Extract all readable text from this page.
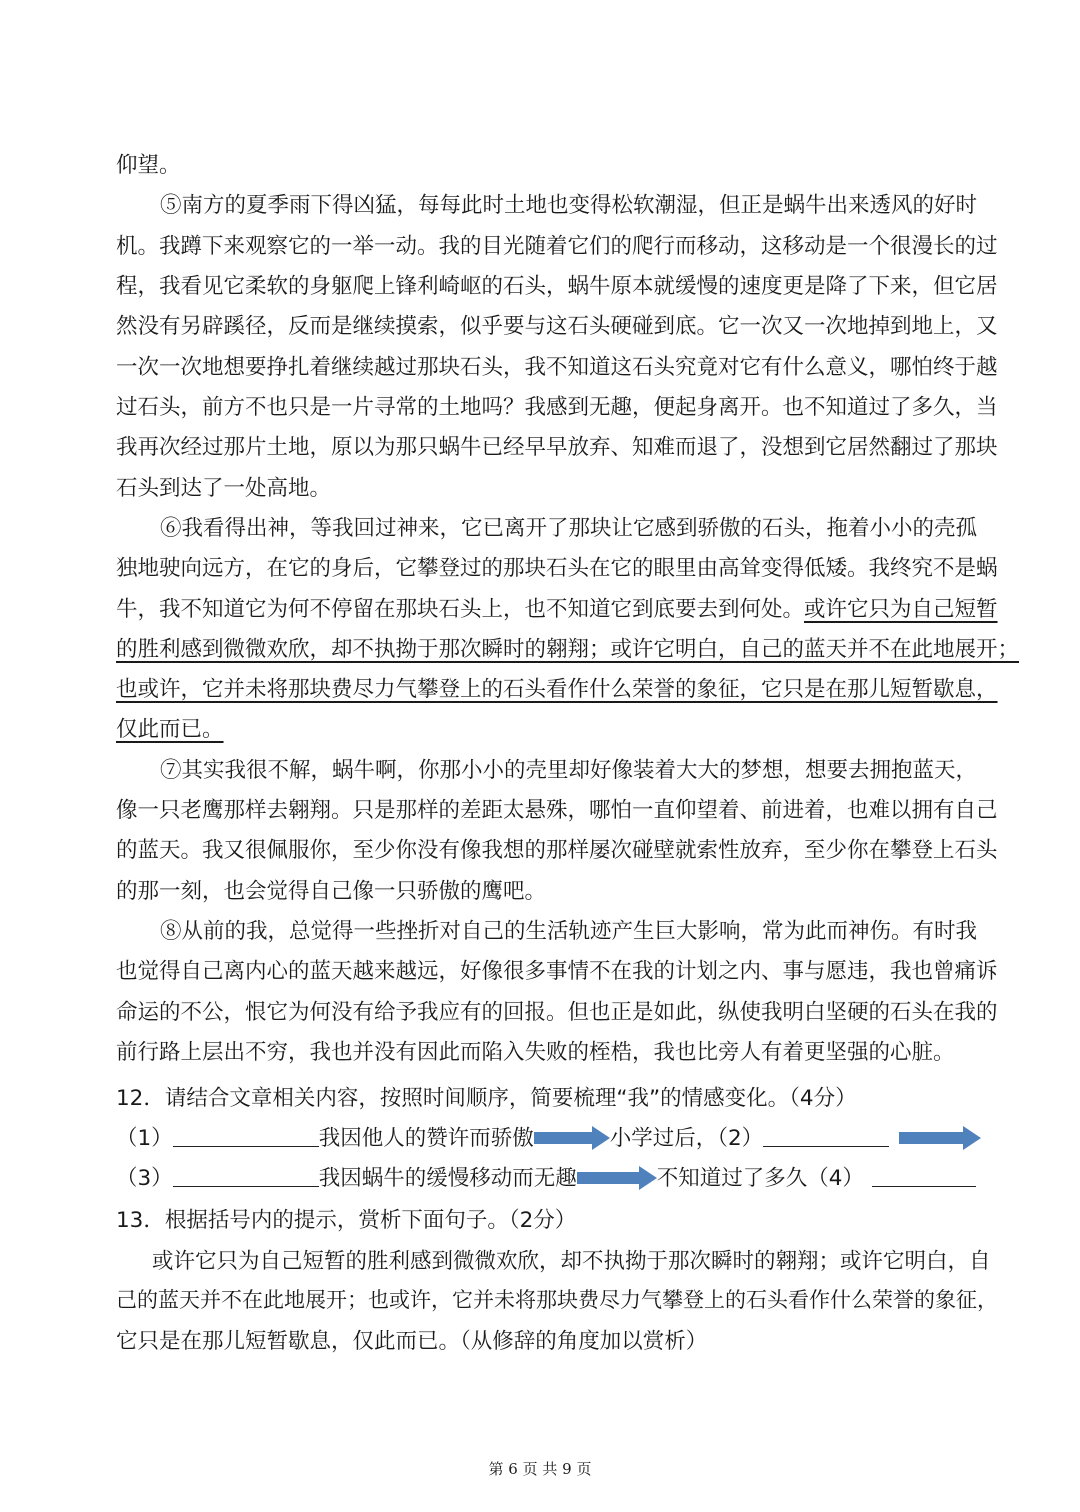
仰望。
⑤南方的夏季雨下得凶猛，每每此时土地也变得松软潮湿，但正是蜗牛出来透风的好时
机。我蹲下来观察它的一举一动。我的目光随着它们的爬行而移动，这移动是一个很漫长的过
程，我看见它柔软的身躯爬上锋利崎岖的石头，蜗牛原本就缓慢的速度更是降了下来，但它居
然没有另辟蹊径，反而是继续摸索，似乎要与这石头硬碰到底。它一次又一次地掉到地上，又
一次一次地想要挣扎着继续越过那块石头，我不知道这石头究竟对它有什么意义，哪怕终于越
过石头，前方不也只是一片寻常的土地吗？我感到无趣，便起身离开。也不知道过了多久，当
我再次经过那片土地，原以为那只蜗牛已经早早放弃、知难而退了，没想到它居然翻过了那块
石头到达了一处高地。
⑥我看得出神，等我回过神来，它已离开了那块让它感到骄傲的石头，拖着小小的壳孤
独地驶向远方，在它的身后，它攀登过的那块石头在它的眼里由高耸变得低矮。我终究不是蜗
牛，我不知道它为何不停留在那块石头上，也不知道它到底要去到何处。或许它只为自己短暂
的胜利感到微微欢欣，却不执拗于那次瞬时的翱翔；或许它明白，自己的蓝天并不在此地展开；
也或许，它并未将那块费尽力气攀登上的石头看作什么荣誉的象征，它只是在那儿短暂歇息，
仅此而已。
⑦其实我很不解，蜗牛啊，你那小小的壳里却好像装着大大的梦想，想要去拥抱蓝天，
像一只老鹰那样去翱翔。只是那样的差距太悬殊，哪怕一直仰望着、前进着，也难以拥有自己
的蓝天。我又很佩服你，至少你没有像我想的那样屡次碰壁就索性放弃，至少你在攀登上石头
的那一刻，也会觉得自己像一只骄傲的鹰吧。
⑧从前的我，总觉得一些挫折对自己的生活轨迹产生巨大影响，常为此而神伤。有时我
也觉得自己离内心的蓝天越来越远，好像很多事情不在我的计划之内、事与愿违，我也曾痛诉
命运的不公，恨它为何没有给予我应有的回报。但也正是如此，纵使我明白坚硬的石头在我的
前行路上层出不穷，我也并没有因此而陷入失败的桎梏，我也比旁人有着更坚强的心脏。
12．请结合文章相关内容，按照时间顺序，简要梳理“我”的情感变化。（4分）
（1）	我因他人的赞许而骄傲	小学过后，（2）
（3）	我因蜗牛的缓慢移动而无趣	不知道过了多久（4）
13．根据括号内的提示，赏析下面句子。（2分）
或许它只为自己短暂的胜利感到微微欢欣，却不执拗于那次瞬时的翱翔；或许它明白，自
己的蓝天并不在此地展开；也或许，它并未将那块费尽力气攀登上的石头看作什么荣誉的象征，
它只是在那儿短暂歇息，仅此而已。（从修辞的角度加以赏析）
第 6 页 共 9 页
